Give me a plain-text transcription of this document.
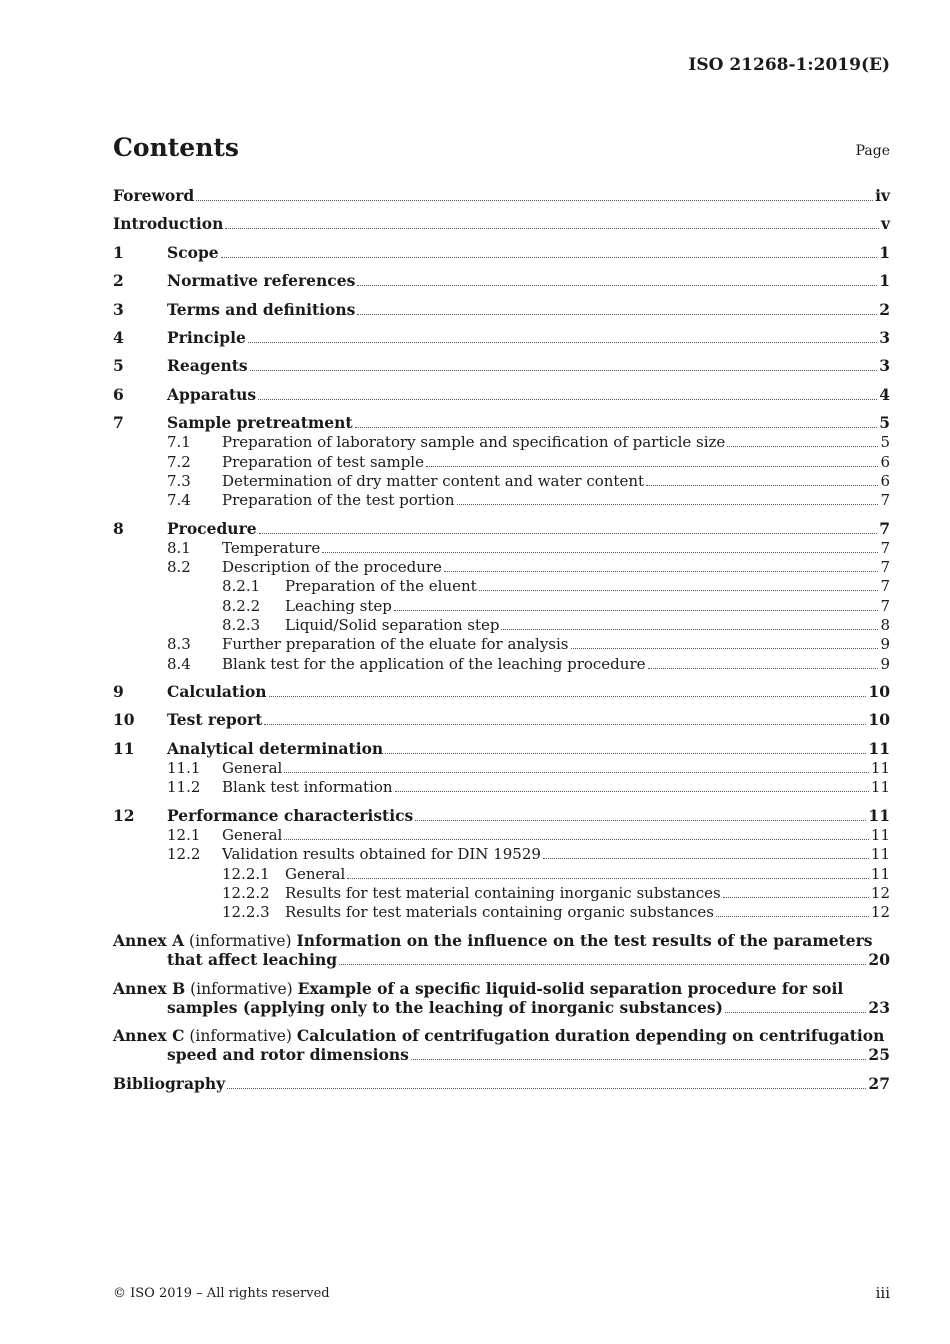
ISO 21268-1:2019(E)
Contents	Page
Foreword	iv
Introduction	v
1	Scope	1
2	Normative references	1
3	Terms and definitions	2
4	Principle	3
5	Reagents	3
6	Apparatus	4
7	Sample pretreatment	5
7.1 Preparation of laboratory sample and specification of particle size	5
7.2 Preparation of test sample	6
7.3 Determination of dry matter content and water content	6
7.4 Preparation of the test portion	7
8	Procedure	7
8.1 Temperature	7
8.2 Description of the procedure	7
8.2.1 Preparation of the eluent	7
8.2.2 Leaching step	7
8.2.3 Liquid/Solid separation step	8
8.3 Further preparation of the eluate for analysis	9
8.4 Blank test for the application of the leaching procedure	9
9	Calculation	10
10 Test report	10
11 Analytical determination	11
11.1 General	11
11.2 Blank test information	11
12 Performance characteristics	11
12.1 General	11
12.2 Validation results obtained for DIN 19529	11
12.2.1 General	11
12.2.2 Results for test material containing inorganic substances	12
12.2.3 Results for test materials containing organic substances	12
Annex A (informative) Information on the influence on the test results of the parameters
that affect leaching	20
Annex B (informative) Example of a specific liquid-solid separation procedure for soil
samples (applying only to the leaching of inorganic substances)	23
Annex C (informative) Calculation of centrifugation duration depending on centrifugation
speed and rotor dimensions	25
Bibliography	27
© ISO 2019 – All rights reserved	iii
